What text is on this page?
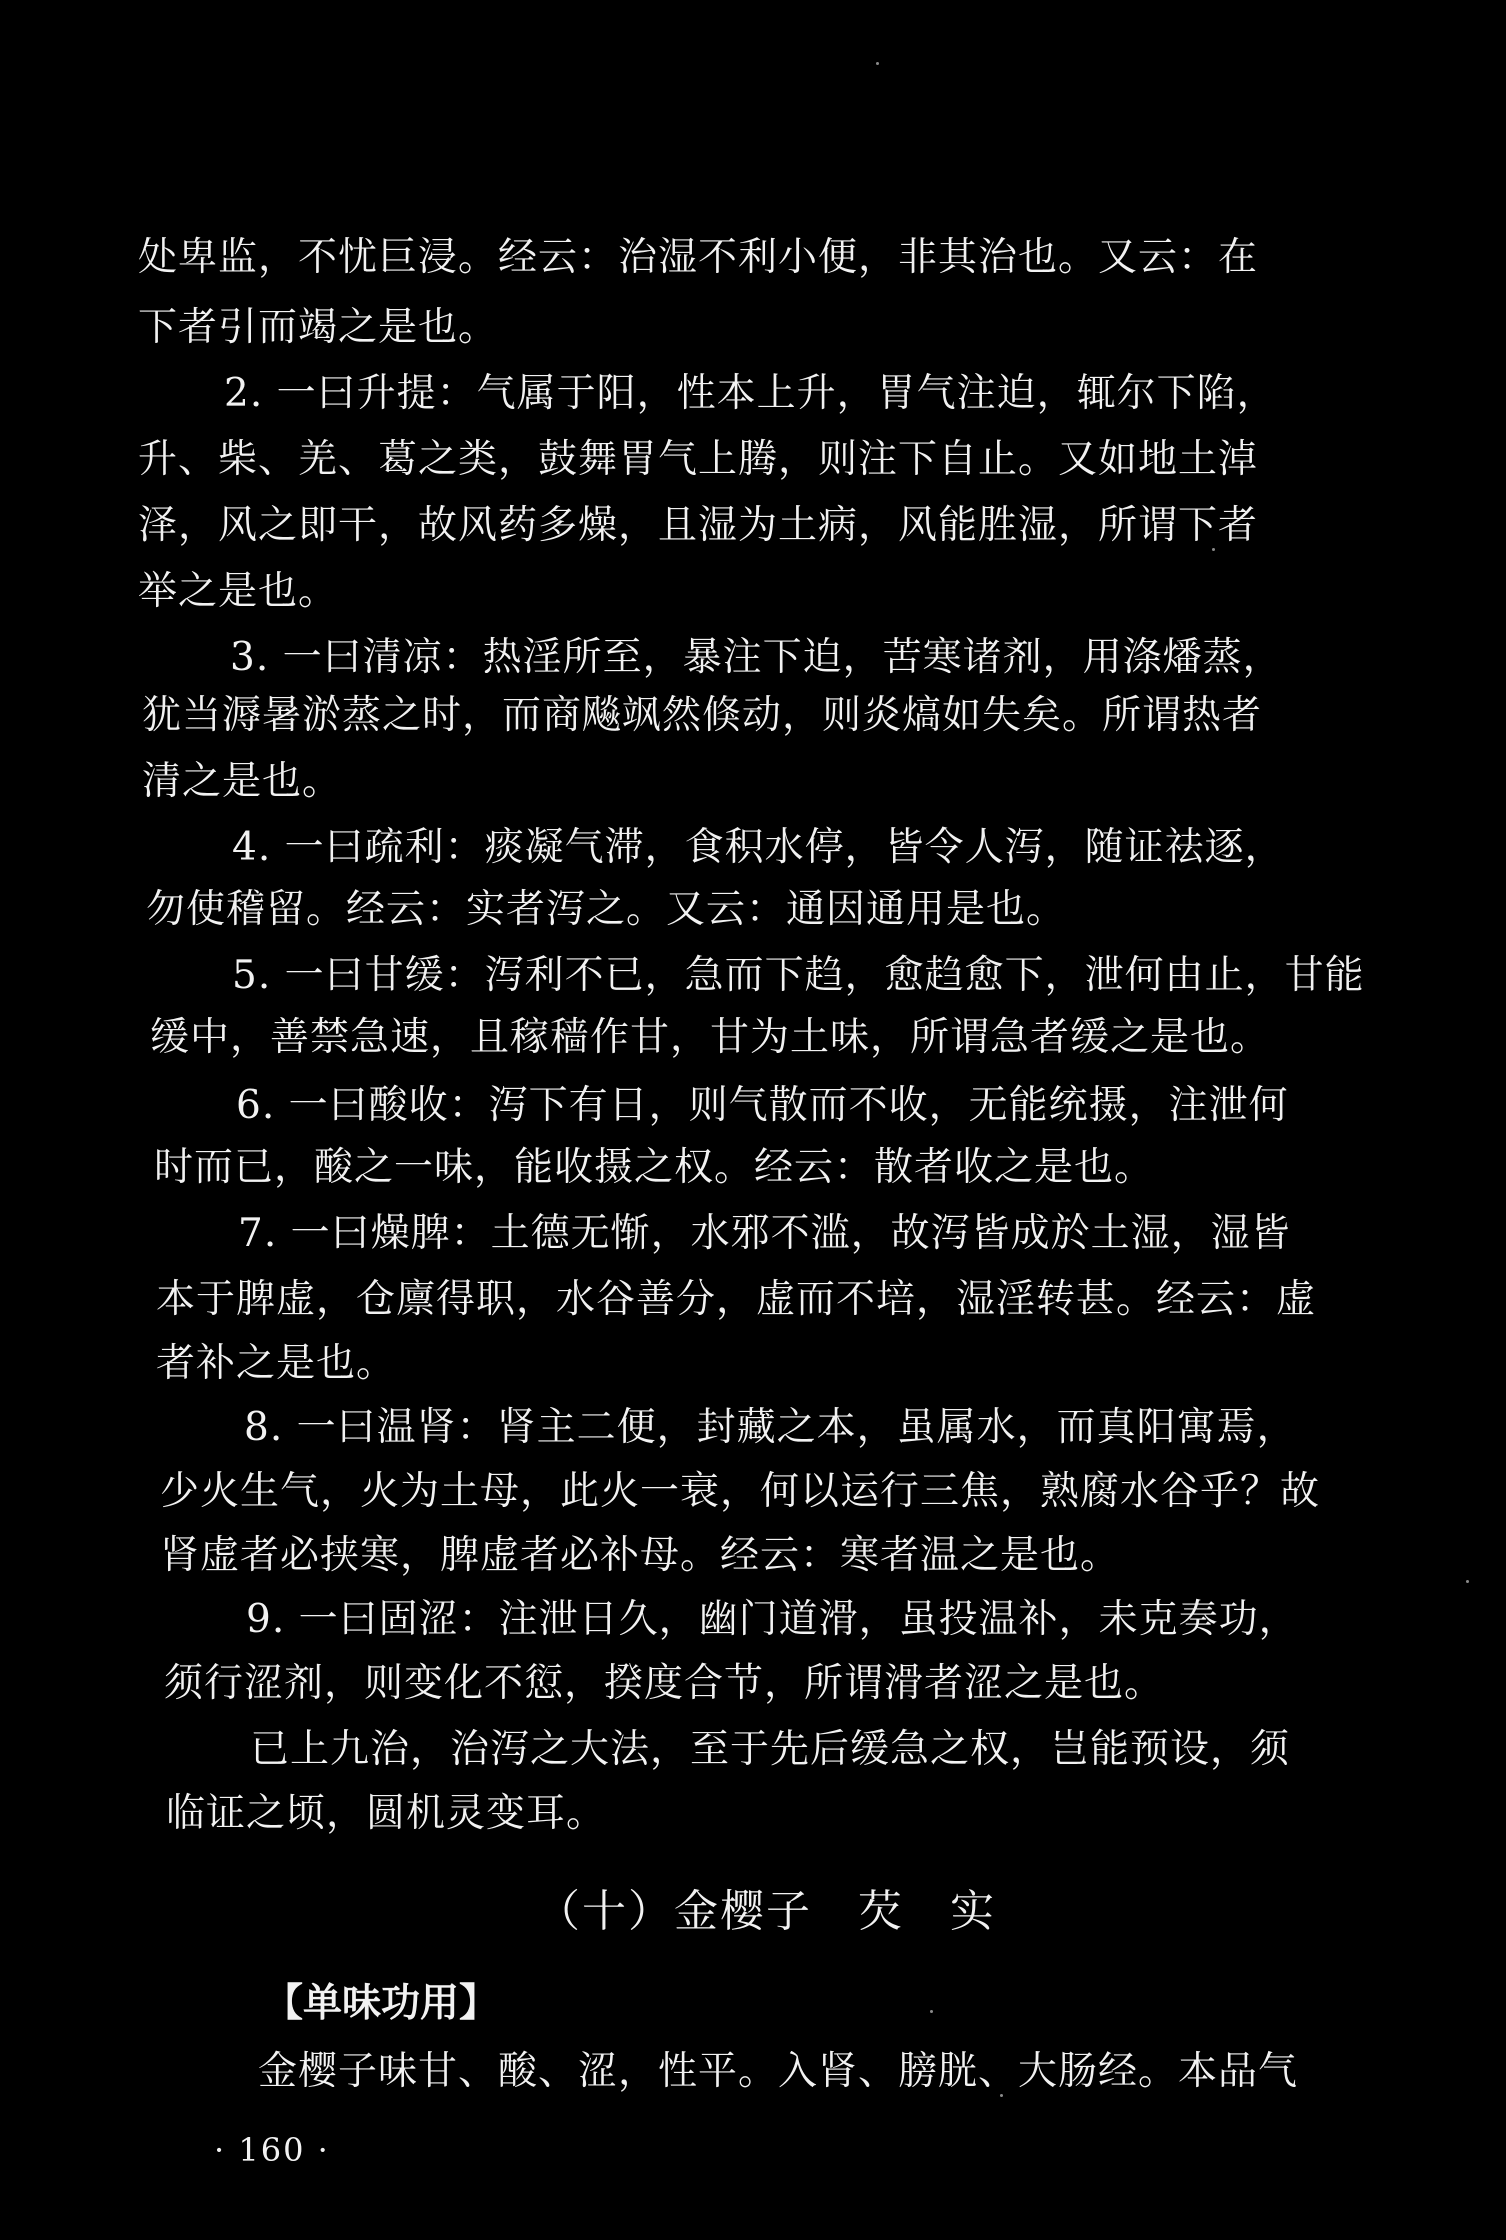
处卑监，不忧巨浸。经云：治湿不利小便，非其治也。又云：在
下者引而竭之是也。
2. 一曰升提：气属于阳，性本上升，胃气注迫，辄尔下陷，
升、柴、羌、葛之类，鼓舞胃气上腾，则注下自止。又如地土淖
泽，风之即干，故风药多燥，且湿为土病，风能胜湿，所谓下者
举之是也。
3. 一曰清凉：热淫所至，暴注下迫，苦寒诸剂，用涤燔蒸，
犹当溽暑淤蒸之时，而商飚飒然倏动，则炎熇如失矣。所谓热者
清之是也。
4. 一曰疏利：痰凝气滞，食积水停，皆令人泻，随证祛逐，
勿使稽留。经云：实者泻之。又云：通因通用是也。
5. 一曰甘缓：泻利不已，急而下趋，愈趋愈下，泄何由止，甘能
缓中，善禁急速，且稼穑作甘，甘为土味，所谓急者缓之是也。
6. 一曰酸收：泻下有日，则气散而不收，无能统摄，注泄何
时而已，酸之一味，能收摄之权。经云：散者收之是也。
7. 一曰燥脾：土德无惭，水邪不滥，故泻皆成於土湿，湿皆
本于脾虚，仓廪得职，水谷善分，虚而不培，湿淫转甚。经云：虚
者补之是也。
8. 一曰温肾：肾主二便，封藏之本，虽属水，而真阳寓焉，
少火生气，火为土母，此火一衰，何以运行三焦，熟腐水谷乎？故
肾虚者必挟寒，脾虚者必补母。经云：寒者温之是也。
9. 一曰固涩：注泄日久，幽门道滑，虽投温补，未克奏功，
须行涩剂，则变化不愆，揆度合节，所谓滑者涩之是也。
已上九治，治泻之大法，至于先后缓急之权，岂能预设，须
临证之顷，圆机灵变耳。
（十）金樱子　芡　实
【单味功用】
金樱子味甘、酸、涩，性平。入肾、膀胱、大肠经。本品气
· 160 ·
